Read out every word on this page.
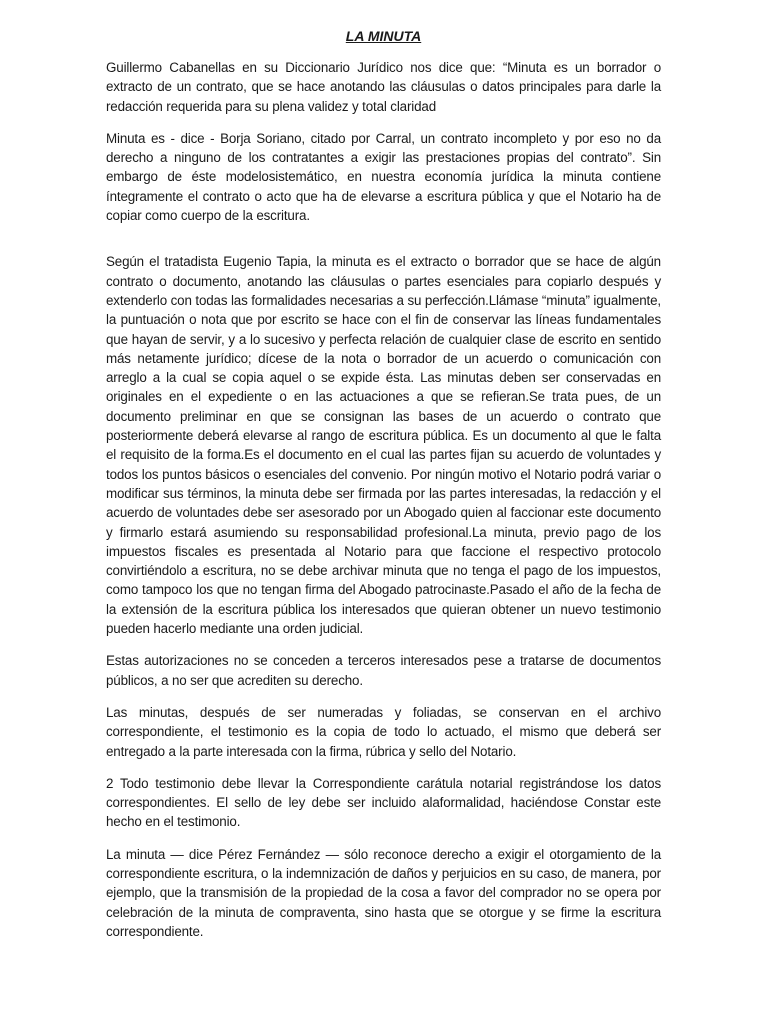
LA MINUTA

Guillermo Cabanellas en su Diccionario Jurídico nos dice que: “Minuta es un borrador o extracto de un contrato, que se hace anotando las cláusulas o datos principales para darle la redacción requerida para su plena validez y total claridad

Minuta es - dice - Borja Soriano, citado por Carral, un contrato incompleto y por eso no da derecho a ninguno de los contratantes a exigir las prestaciones propias del contrato”. Sin embargo de éste modelosistemático, en nuestra economía jurídica la minuta contiene íntegramente el contrato o acto que ha de elevarse a escritura pública y que el Notario ha de copiar como cuerpo de la escritura.

Según el tratadista Eugenio Tapia, la minuta es el extracto o borrador que se hace de algún contrato o documento, anotando las cláusulas o partes esenciales para copiarlo después y extenderlo con todas las formalidades necesarias a su perfección.Llámase “minuta” igualmente, la puntuación o nota que por escrito se hace con el fin de conservar las líneas fundamentales que hayan de servir, y a lo sucesivo y perfecta relación de cualquier clase de escrito en sentido más netamente jurídico; dícese de la nota o borrador de un acuerdo o comunicación con arreglo a la cual se copia aquel o se expide ésta. Las minutas deben ser conservadas en originales en el expediente o en las actuaciones a que se refieran.Se trata pues, de un documento preliminar en que se consignan las bases de un acuerdo o contrato que posteriormente deberá elevarse al rango de escritura pública. Es un documento al que le falta el requisito de la forma.Es el documento en el cual las partes fijan su acuerdo de voluntades y todos los puntos básicos o esenciales del convenio. Por ningún motivo el Notario podrá variar o modificar sus términos, la minuta debe ser firmada por las partes interesadas, la redacción y el acuerdo de voluntades debe ser asesorado por un Abogado quien al faccionar este documento y firmarlo estará asumiendo su responsabilidad profesional.La minuta, previo pago de los impuestos fiscales es presentada al Notario para que faccione el respectivo protocolo convirtiéndolo a escritura, no se debe archivar minuta que no tenga el pago de los impuestos, como tampoco los que no tengan firma del Abogado patrocinaste.Pasado el año de la fecha de la extensión de la escritura pública los interesados que quieran obtener un nuevo testimonio pueden hacerlo mediante una orden judicial.

Estas autorizaciones no se conceden a terceros interesados pese a tratarse de documentos públicos, a no ser que acrediten su derecho.

Las minutas, después de ser numeradas y foliadas, se conservan en el archivo correspondiente, el testimonio es la copia de todo lo actuado, el mismo que deberá ser entregado a la parte interesada con la firma, rúbrica y sello del Notario.

2 Todo testimonio debe llevar la Correspondiente carátula notarial registrándose los datos correspondientes. El sello de ley debe ser incluido alaformalidad, haciéndose Constar este hecho en el testimonio.

La minuta — dice Pérez Fernández — sólo reconoce derecho a exigir el otorgamiento de la correspondiente escritura, o la indemnización de daños y perjuicios en su caso, de manera, por ejemplo, que la transmisión de la propiedad de la cosa a favor del comprador no se opera por celebración de la minuta de compraventa, sino hasta que se otorgue y se firme la escritura correspondiente.
